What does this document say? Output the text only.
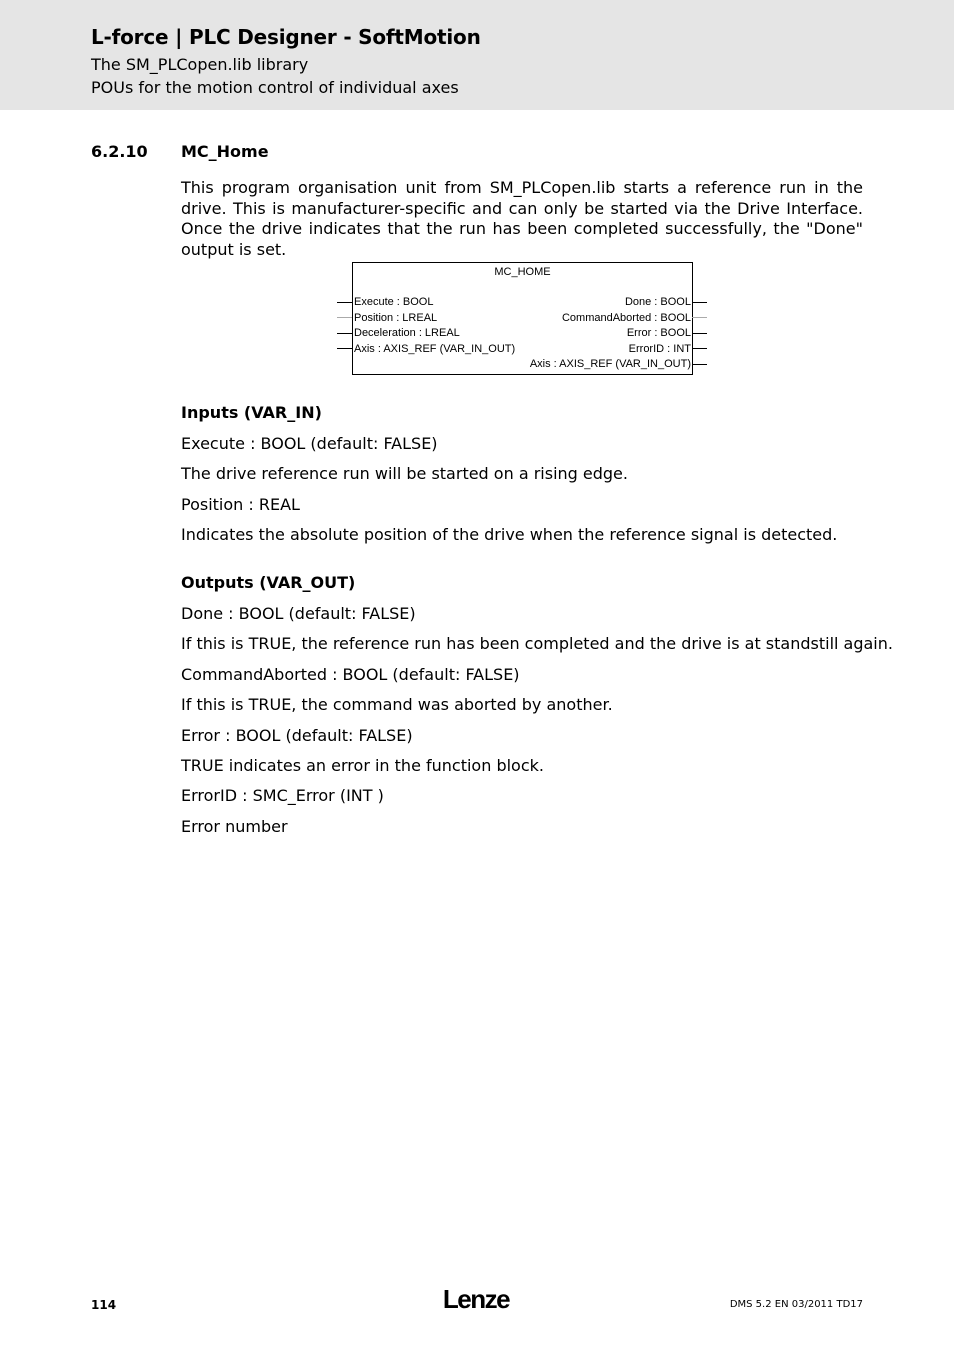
L-force | PLC Designer - SoftMotion
The SM_PLCopen.lib library
POUs for the motion control of individual axes
6.2.10 MC_Home

This program organisation unit from SM_PLCopen.lib starts a reference run in the drive. This is manufacturer-specific and can only be started via the Drive Interface. Once the drive indicates that the run has been completed successfully, the "Done" output is set.

MC_HOME
Execute : BOOL
Position : LREAL
Deceleration : LREAL
Axis : AXIS_REF (VAR_IN_OUT)
Done : BOOL
CommandAborted : BOOL
Error : BOOL
ErrorID : INT
Axis : AXIS_REF (VAR_IN_OUT)
Inputs (VAR_IN)
Execute : BOOL (default: FALSE)
The drive reference run will be started on a rising edge.
Position : REAL
Indicates the absolute position of the drive when the reference signal is detected.
Outputs (VAR_OUT)
Done : BOOL (default: FALSE)
If this is TRUE, the reference run has been completed and the drive is at standstill again.
CommandAborted : BOOL (default: FALSE)
If this is TRUE, the command was aborted by another.
Error : BOOL (default: FALSE)
TRUE indicates an error in the function block.
ErrorID : SMC_Error (INT )
Error number
114	Lenze	DMS 5.2 EN 03/2011 TD17
